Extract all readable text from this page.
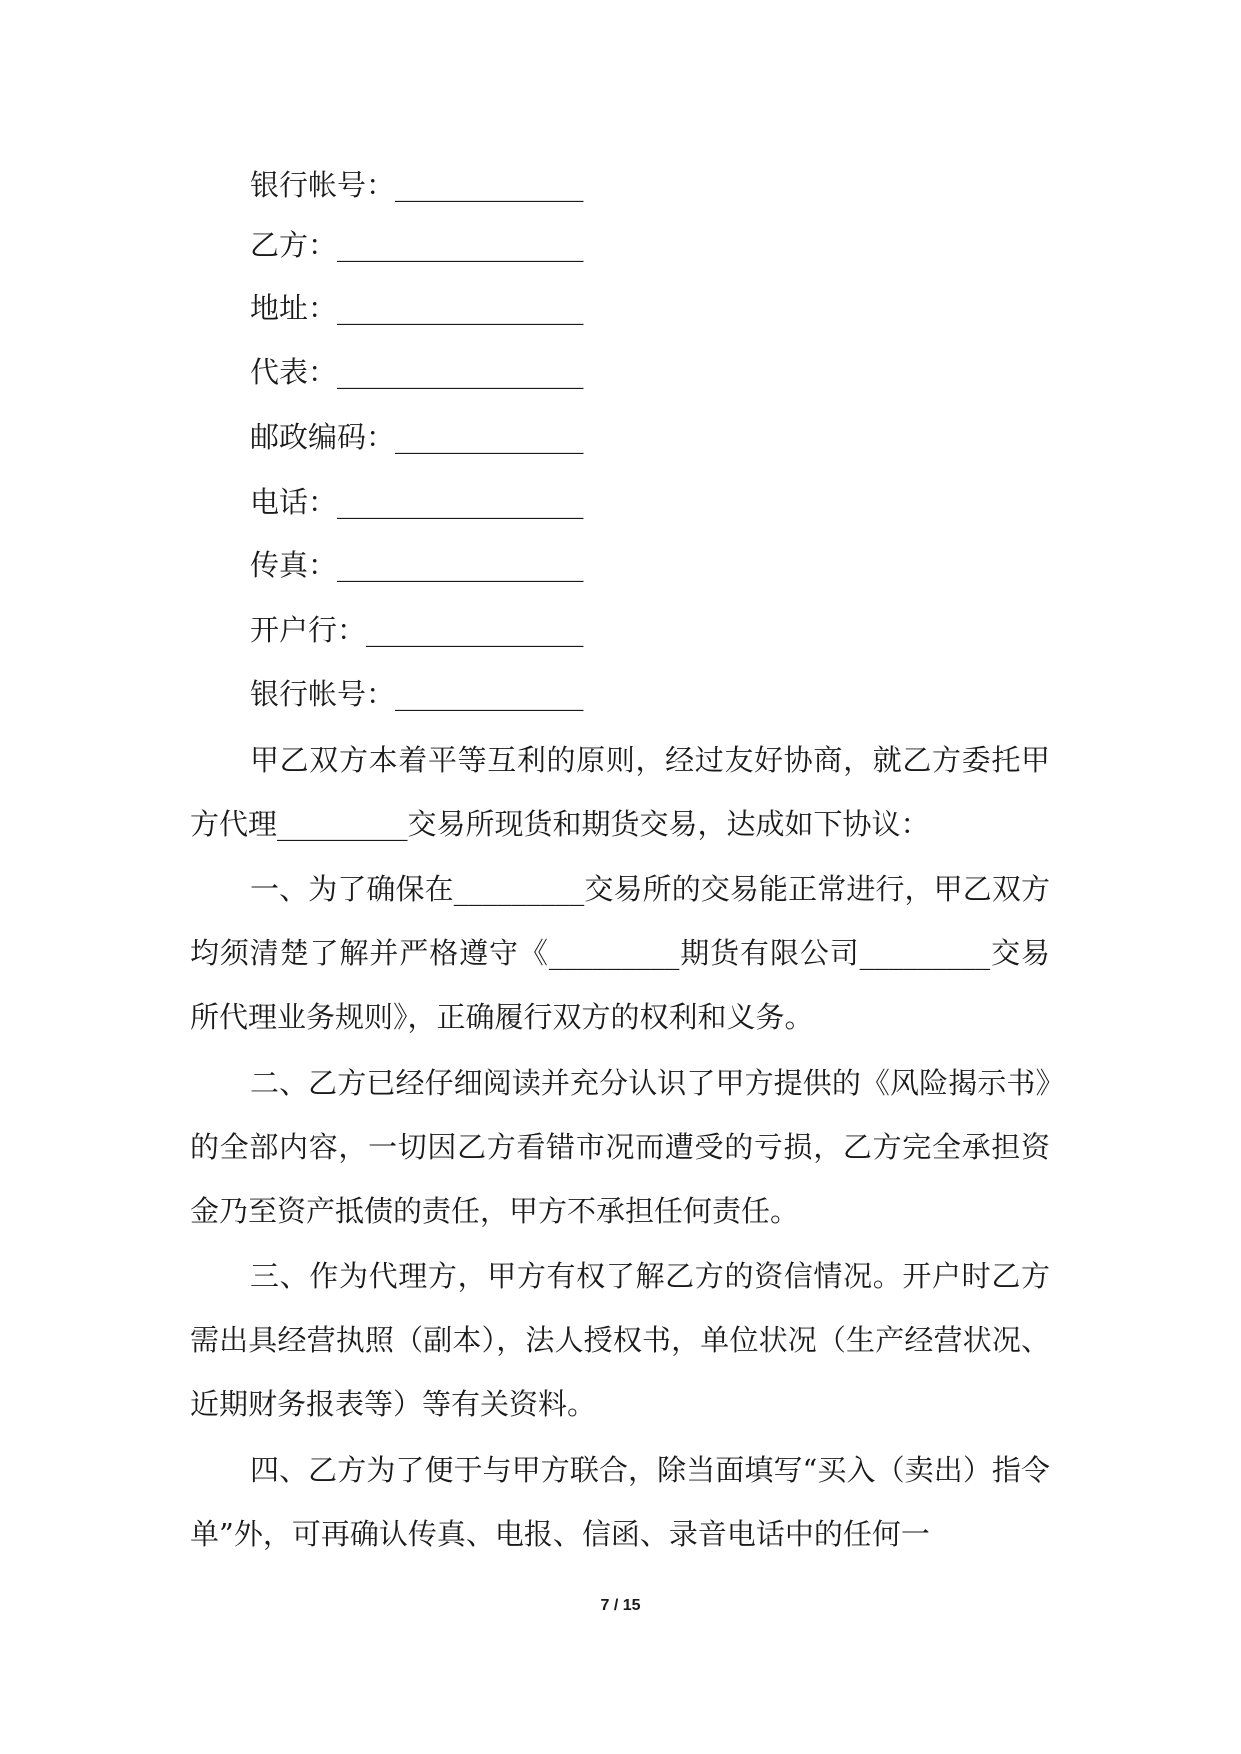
银行帐号：_____________
乙方：_________________
地址：_________________
代表：_________________
邮政编码：_____________
电话：_________________
传真：_________________
开户行：_______________
银行帐号：_____________

甲乙双方本着平等互利的原则，经过友好协商，就乙方委托甲方代理_________交易所现货和期货交易，达成如下协议：

一、为了确保在_________交易所的交易能正常进行，甲乙双方均须清楚了解并严格遵守《_________期货有限公司_________交易所代理业务规则》，正确履行双方的权利和义务。

二、乙方已经仔细阅读并充分认识了甲方提供的《风险揭示书》的全部内容，一切因乙方看错市况而遭受的亏损，乙方完全承担资金乃至资产抵债的责任，甲方不承担任何责任。

三、作为代理方，甲方有权了解乙方的资信情况。开户时乙方需出具经营执照（副本），法人授权书，单位状况（生产经营状况、近期财务报表等）等有关资料。

四、乙方为了便于与甲方联合，除当面填写“买入（卖出）指令单”外，可再确认传真、电报、信函、录音电话中的任何一

7 / 15
